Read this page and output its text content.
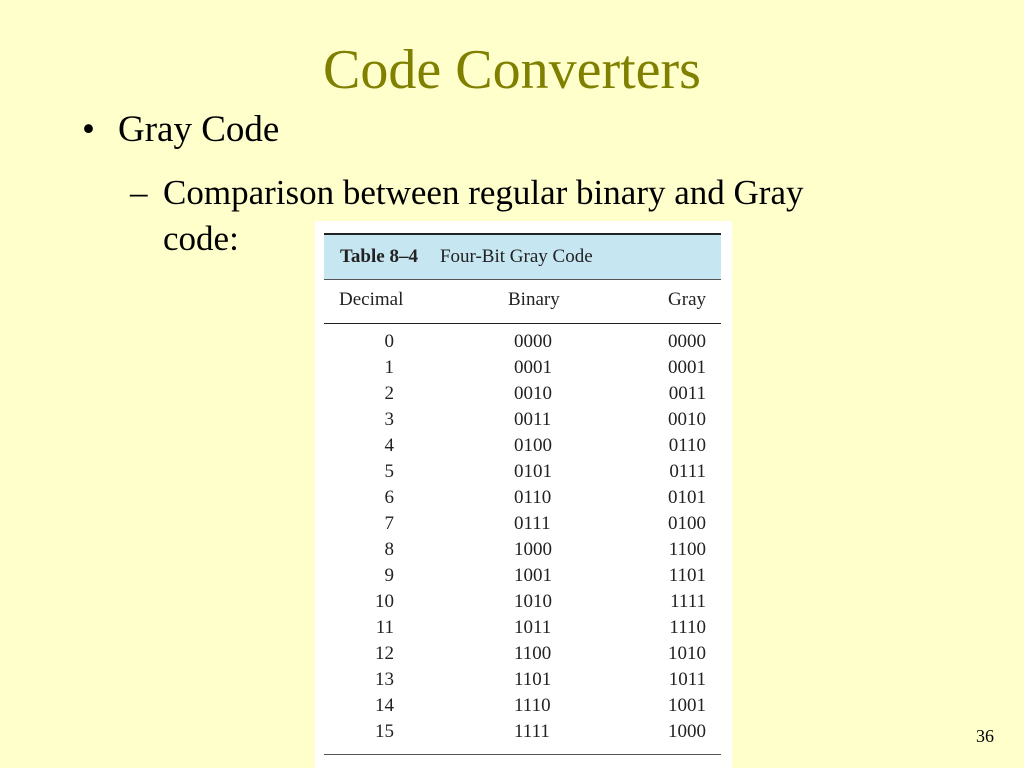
Code Converters
• Gray Code
– Comparison between regular binary and Gray
code:	Table 8–4 Four-Bit Gray Code
Decimal	Binary	Gray
0	0000	0000
1	0001	0001
2	0010	0011
3	0011	0010
4	0100	0110
5	0101	0111
6	0110	0101
7	0111	0100
8	1000	1100
9	1001	1101
10	1010	1111
11	1011	1110
12	1100	1010
13	1101	1011
14	1110	1001
15	1111	1000	36
